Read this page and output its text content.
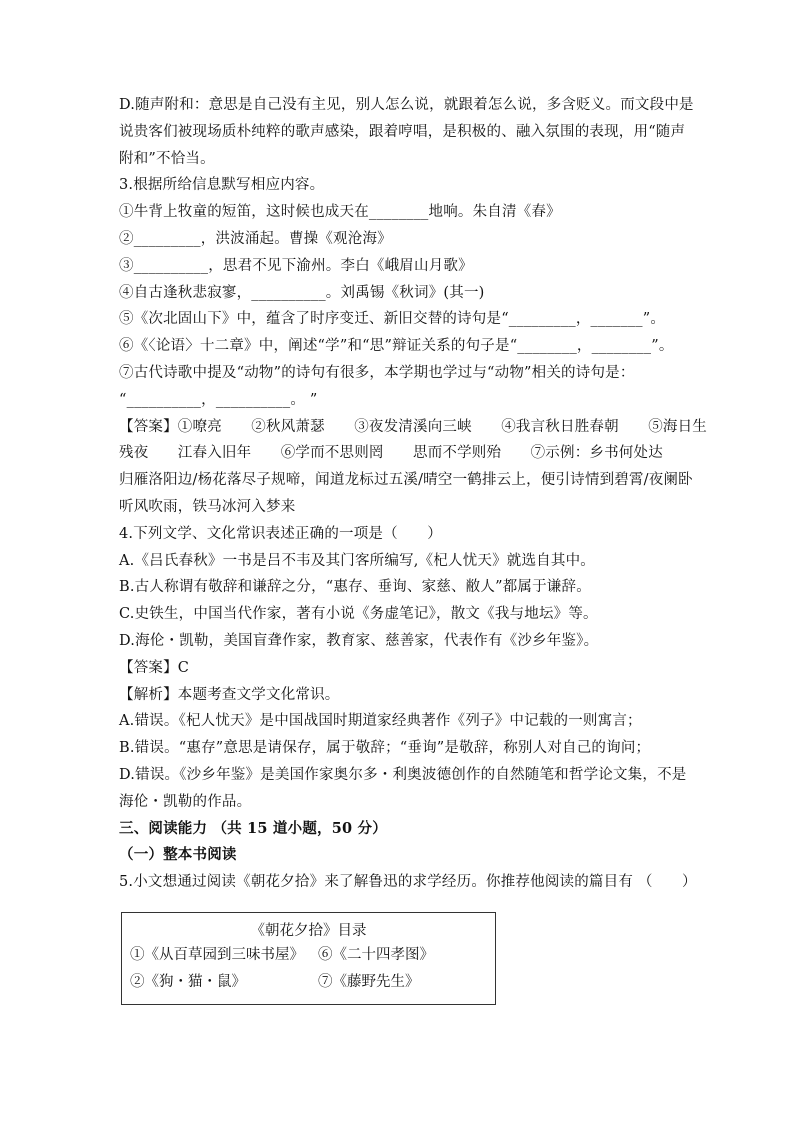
D.随声附和：意思是自己没有主见，别人怎么说，就跟着怎么说，多含贬义。而文段中是
说贵客们被现场质朴纯粹的歌声感染，跟着哼唱，是积极的、融入氛围的表现，用“随声
附和”不恰当。
3.根据所给信息默写相应内容。
①牛背上牧童的短笛，这时候也成天在________地响。朱自清《春》
②_________，洪波涌起。曹操《观沧海》
③__________，思君不见下渝州。李白《峨眉山月歌》
④自古逢秋悲寂寥，__________。刘禹锡《秋词》(其一)
⑤《次北固山下》中，蕴含了时序变迁、新旧交替的诗句是“_________，_______”。
⑥《〈论语〉十二章》中，阐述“学”和“思”辩证关系的句子是“________，________”。
⑦古代诗歌中提及“动物”的诗句有很多，本学期也学过与“动物”相关的诗句是：
“__________，__________。 ”
【答案】①嘹亮　　②秋风萧瑟　　③夜发清溪向三峡　　④我言秋日胜春朝　　⑤海日生
残夜　　江春入旧年　　⑥学而不思则罔　　思而不学则殆　　⑦示例：乡书何处达
归雁洛阳边/杨花落尽子规啼，闻道龙标过五溪/晴空一鹤排云上，便引诗情到碧霄/夜阑卧
听风吹雨，铁马冰河入梦来
4.下列文学、文化常识表述正确的一项是（　　）
A.《吕氏春秋》一书是吕不韦及其门客所编写,《杞人忧天》就选自其中。
B.古人称谓有敬辞和谦辞之分，“惠存、垂询、家慈、敝人”都属于谦辞。
C.史铁生，中国当代作家，著有小说《务虚笔记》，散文《我与地坛》等。
D.海伦・凯勒，美国盲聋作家，教育家、慈善家，代表作有《沙乡年鉴》。
【答案】C
【解析】本题考查文学文化常识。
A.错误。《杞人忧天》是中国战国时期道家经典著作《列子》中记载的一则寓言；
B.错误。“惠存”意思是请保存，属于敬辞；“垂询”是敬辞，称别人对自己的询问；
D.错误。《沙乡年鉴》是美国作家奥尔多・利奥波德创作的自然随笔和哲学论文集，不是
海伦・凯勒的作品。
三、阅读能力 （共 15 道小题，50 分）
（一）整本书阅读
5.小文想通过阅读《朝花夕拾》来了解鲁迅的求学经历。你推荐他阅读的篇目有 （　　）
《朝花夕拾》目录
①《从百草园到三味书屋》 ⑥《二十四孝图》
②《狗・猫・鼠》	⑦《藤野先生》
